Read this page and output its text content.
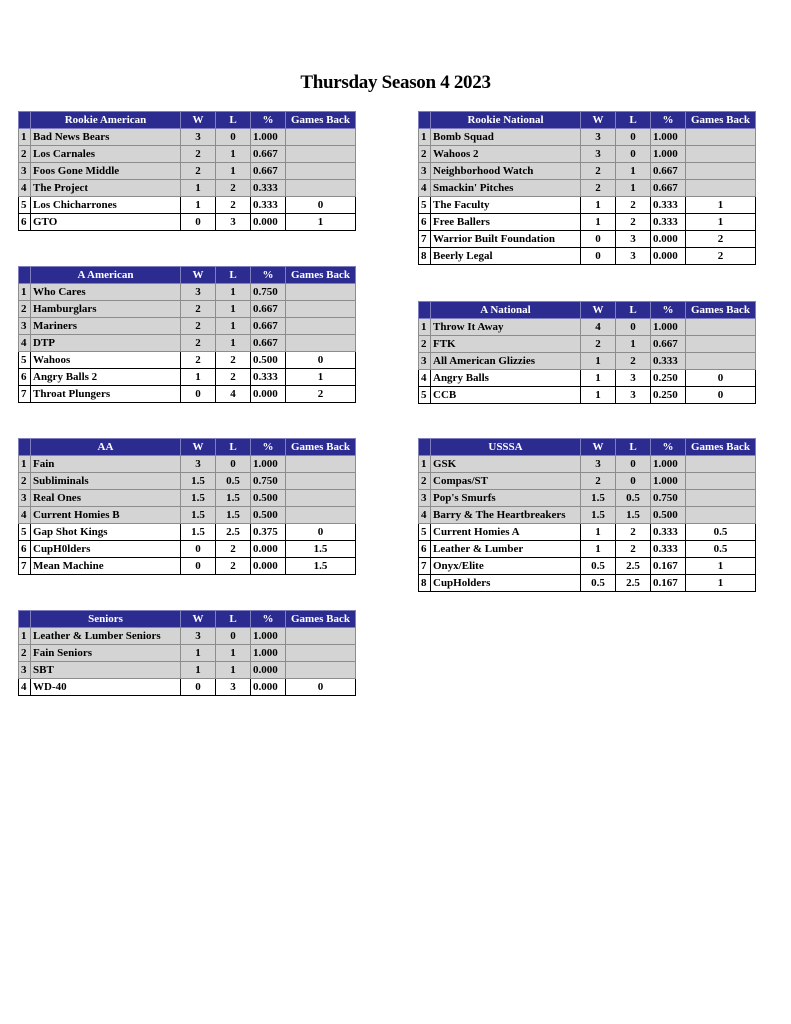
Thursday Season 4 2023
	Rookie American	W	L	%	Games Back
1	Bad News Bears	3	0	1.000	
2	Los Carnales	2	1	0.667	
3	Foos Gone Middle	2	1	0.667	
4	The Project	1	2	0.333	
5	Los Chicharrones	1	2	0.333	0
6	GTO	0	3	0.000	1
	Rookie National	W	L	%	Games Back
1	Bomb Squad	3	0	1.000	
2	Wahoos 2	3	0	1.000	
3	Neighborhood Watch	2	1	0.667	
4	Smackin' Pitches	2	1	0.667	
5	The Faculty	1	2	0.333	1
6	Free Ballers	1	2	0.333	1
7	Warrior Built Foundation	0	3	0.000	2
8	Beerly Legal	0	3	0.000	2
	A American	W	L	%	Games Back
1	Who Cares	3	1	0.750	
2	Hamburglars	2	1	0.667	
3	Mariners	2	1	0.667	
4	DTP	2	1	0.667	
5	Wahoos	2	2	0.500	0
6	Angry Balls 2	1	2	0.333	1
7	Throat Plungers	0	4	0.000	2
	A National	W	L	%	Games Back
1	Throw It Away	4	0	1.000	
2	FTK	2	1	0.667	
3	All American Glizzies	1	2	0.333	
4	Angry Balls	1	3	0.250	0
5	CCB	1	3	0.250	0
	AA	W	L	%	Games Back
1	Fain	3	0	1.000	
2	Subliminals	1.5	0.5	0.750	
3	Real Ones	1.5	1.5	0.500	
4	Current Homies B	1.5	1.5	0.500	
5	Gap Shot Kings	1.5	2.5	0.375	0
6	CupH0lders	0	2	0.000	1.5
7	Mean Machine	0	2	0.000	1.5
	USSSA	W	L	%	Games Back
1	GSK	3	0	1.000	
2	Compas/ST	2	0	1.000	
3	Pop's Smurfs	1.5	0.5	0.750	
4	Barry & The Heartbreakers	1.5	1.5	0.500	
5	Current Homies A	1	2	0.333	0.5
6	Leather & Lumber	1	2	0.333	0.5
7	Onyx/Elite	0.5	2.5	0.167	1
8	CupHolders	0.5	2.5	0.167	1
	Seniors	W	L	%	Games Back
1	Leather & Lumber Seniors	3	0	1.000	
2	Fain Seniors	1	1	1.000	
3	SBT	1	1	0.000	
4	WD-40	0	3	0.000	0
